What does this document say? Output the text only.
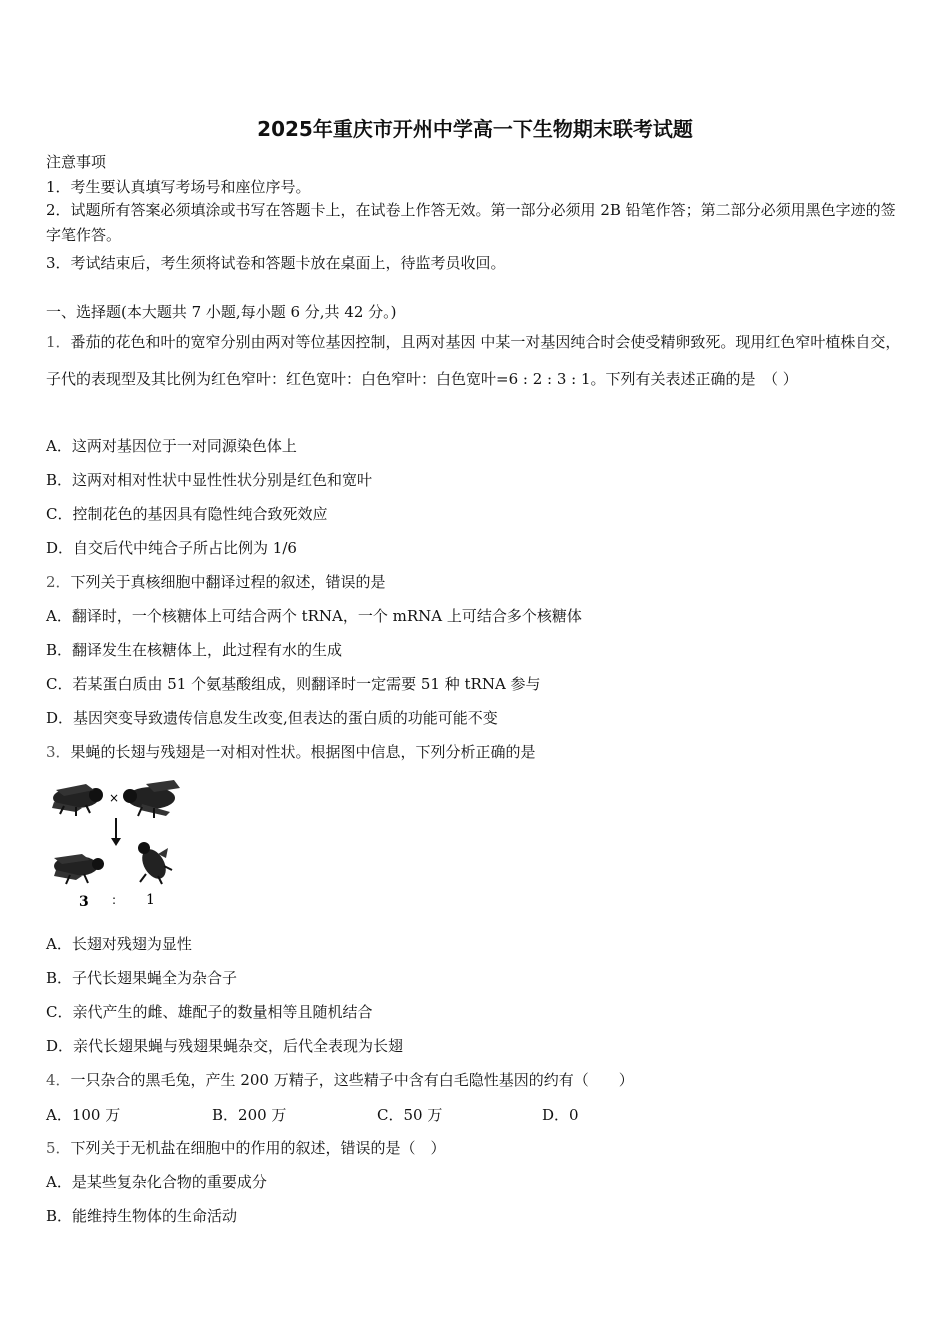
2025年重庆市开州中学高一下生物期末联考试题
注意事项
1．考生要认真填写考场号和座位序号。
2．试题所有答案必须填涂或书写在答题卡上，在试卷上作答无效。第一部分必须用 2B 铅笔作答；第二部分必须用黑色字迹的签字笔作答。
3．考试结束后，考生须将试卷和答题卡放在桌面上，待监考员收回。
一、选择题(本大题共 7 小题,每小题 6 分,共 42 分。)
1．番茄的花色和叶的宽窄分别由两对等位基因控制，且两对基因 中某一对基因纯合时会使受精卵致死。现用红色窄叶植株自交，子代的表现型及其比例为红色窄叶：红色宽叶：白色窄叶：白色宽叶=6 : 2 : 3 : 1。下列有关表述正确的是　（ ）
A．这两对基因位于一对同源染色体上
B．这两对相对性状中显性性状分别是红色和宽叶
C．控制花色的基因具有隐性纯合致死效应
D．自交后代中纯合子所占比例为 1/6
2．下列关于真核细胞中翻译过程的叙述，错误的是
A．翻译时，一个核糖体上可结合两个 tRNA，一个 mRNA 上可结合多个核糖体
B．翻译发生在核糖体上，此过程有水的生成
C．若某蛋白质由 51 个氨基酸组成，则翻译时一定需要 51 种 tRNA 参与
D．基因突变导致遗传信息发生改变,但表达的蛋白质的功能可能不变
3．果蝇的长翅与残翅是一对相对性状。根据图中信息，下列分析正确的是
×
3 : 1
A．长翅对残翅为显性
B．子代长翅果蝇全为杂合子
C．亲代产生的雌、雄配子的数量相等且随机结合
D．亲代长翅果蝇与残翅果蝇杂交，后代全表现为长翅
4．一只杂合的黑毛兔，产生 200 万精子，这些精子中含有白毛隐性基因的约有（　　）
A．100 万	B．200 万	C．50 万	D．0
5．下列关于无机盐在细胞中的作用的叙述，错误的是（　）
A．是某些复杂化合物的重要成分
B．能维持生物体的生命活动
